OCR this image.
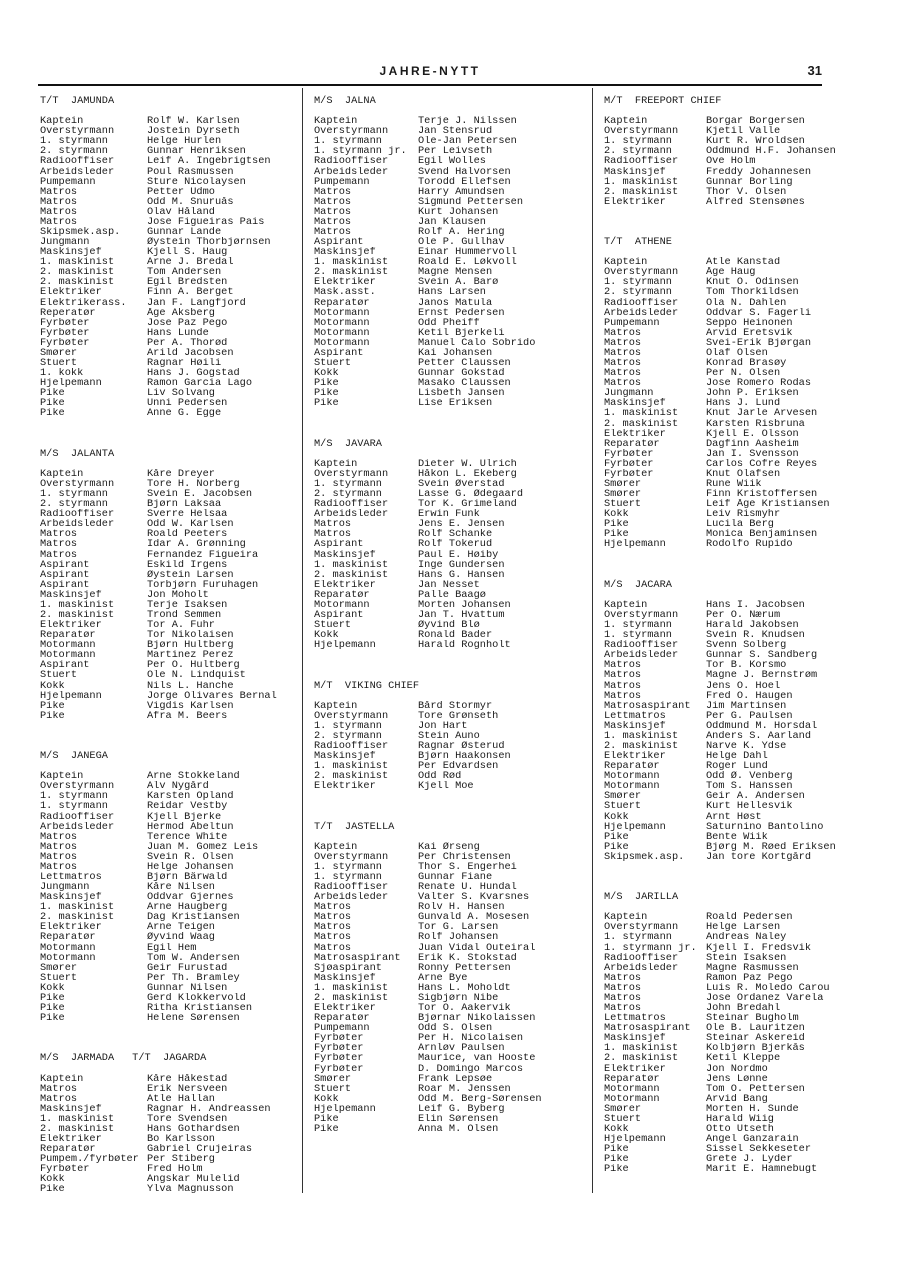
JAHRE-NYTT	31
T/T  JAMUNDA
Kaptein	Rolf W. Karlsen
Overstyrmann	Jostein Dyrseth
1. styrmann	Helge Hurlen
2. styrmann	Gunnar Henriksen
Radiooffiser	Leif A. Ingebrigtsen
Arbeidsleder	Poul Rasmussen
Pumpemann	Sture Nicolaysen
Matros	Petter Udmo
Matros	Odd M. Snuruås
Matros	Olav Håland
Matros	Jose Figueiras Pais
Skipsmek.asp.	Gunnar Lande
Jungmann	Øystein Thorbjørnsen
Maskinsjef	Kjell S. Haug
1. maskinist	Arne J. Bredal
2. maskinist	Tom Andersen
2. maskinist	Egil Bredsten
Elektriker	Finn A. Berget
Elektrikerass.	Jan F. Langfjord
Reperatør	Åge Aksberg
Fyrbøter	Jose Paz Pego
Fyrbøter	Hans Lunde
Fyrbøter	Per A. Thorød
Smører	Arild Jacobsen
Stuert	Ragnar Høili
1. kokk	Hans J. Gogstad
Hjelpemann	Ramon Garcia Lago
Pike	Liv Solvang
Pike	Unni Pedersen
Pike	Anne G. Egge
M/S  JALANTA
Kaptein	Kåre Dreyer
Overstyrmann	Tore H. Norberg
1. styrmann	Svein E. Jacobsen
2. styrmann	Bjørn Laksaa
Radiooffiser	Sverre Helsaa
Arbeidsleder	Odd W. Karlsen
Matros	Roald Peeters
Matros	Idar A. Grønning
Matros	Fernandez Figueira
Aspirant	Eskild Irgens
Aspirant	Øystein Larsen
Aspirant	Torbjørn Furuhagen
Maskinsjef	Jon Moholt
1. maskinist	Terje Isaksen
2. maskinist	Trond Semmen
Elektriker	Tor A. Fuhr
Reparatør	Tor Nikolaisen
Motormann	Bjørn Hultberg
Motormann	Martinez Perez
Aspirant	Per O. Hultberg
Stuert	Ole N. Lindquist
Kokk	Nils L. Hanche
Hjelpemann	Jorge Olivares Bernal
Pike	Vigdis Karlsen
Pike	Afra M. Beers
M/S  JANEGA
Kaptein	Arne Stokkeland
Overstyrmann	Alv Nygård
1. styrmann	Karsten Opland
1. styrmann	Reidar Vestby
Radiooffiser	Kjell Bjerke
Arbeidsleder	Hermod Abeltun
Matros	Terence White
Matros	Juan M. Gomez Leis
Matros	Svein R. Olsen
Matros	Helge Johansen
Lettmatros	Bjørn Bärwald
Jungmann	Kåre Nilsen
Maskinsjef	Oddvar Gjernes
1. maskinist	Arne Haugberg
2. maskinist	Dag Kristiansen
Elektriker	Arne Teigen
Reparatør	Øyvind Waag
Motormann	Egil Hem
Motormann	Tom W. Andersen
Smører	Geir Furustad
Stuert	Per Th. Bramley
Kokk	Gunnar Nilsen
Pike	Gerd Klokkervold
Pike	Ritha Kristiansen
Pike	Helene Sørensen
M/S  JARMADA T/T  JAGARDA
Kaptein	Kåre Håkestad
Matros	Erik Nersveen
Matros	Atle Hallan
Maskinsjef	Ragnar H. Andreassen
1. maskinist	Tore Svendsen
2. maskinist	Hans Gothardsen
Elektriker	Bo Karlsson
Reparatør	Gabriel Crujeiras
Pumpem./fyrbøter Per Stiberg
Fyrbøter	Fred Holm
Kokk	Angskar Mulelid
Pike	Ylva Magnusson
M/S  JALNA
Kaptein	Terje J. Nilssen
Overstyrmann	Jan Stensrud
1. styrmann	Ole-Jan Petersen
1. styrmann jr.	Per Leivseth
Radiooffiser	Egil Wolles
Arbeidsleder	Svend Halvorsen
Pumpemann	Torodd Ellefsen
Matros	Harry Amundsen
Matros	Sigmund Pettersen
Matros	Kurt Johansen
Matros	Jan Klausen
Matros	Rolf A. Hering
Aspirant	Ole P. Gullhav
Maskinsjef	Einar Hummervoll
1. maskinist	Roald E. Løkvoll
2. maskinist	Magne Mensen
Elektriker	Svein A. Barø
Mask.asst.	Hans Larsen
Reparatør	Janos Matula
Motormann	Ernst Pedersen
Motormann	Odd Pheiff
Motormann	Ketil Bjerkeli
Motormann	Manuel Calo Sobrido
Aspirant	Kai Johansen
Stuert	Petter Claussen
Kokk	Gunnar Gokstad
Pike	Masako Claussen
Pike	Lisbeth Jansen
Pike	Lise Eriksen
M/S  JAVARA
Kaptein	Dieter W. Ulrich
Overstyrmann	Håkon L. Ekeberg
1. styrmann	Svein Øverstad
2. styrmann	Lasse G. Ødegaard
Radiooffiser	Tor K. Grimeland
Arbeidsleder	Erwin Funk
Matros	Jens E. Jensen
Matros	Rolf Schanke
Aspirant	Rolf Tokerud
Maskinsjef	Paul E. Høiby
1. maskinist	Inge Gundersen
2. maskinist	Hans G. Hansen
Elektriker	Jan Nesset
Reparatør	Palle Baagø
Motormann	Morten Johansen
Aspirant	Jan T. Hvattum
Stuert	Øyvind Blø
Kokk	Ronald Bader
Hjelpemann	Harald Rognholt
M/T  VIKING CHIEF
Kaptein	Bård Stormyr
Overstyrmann	Tore Grønseth
1. styrmann	Jon Hart
2. styrmann	Stein Auno
Radiooffiser	Ragnar Østerud
Maskinsjef	Bjørn Haakonsen
1. maskinist	Per Edvardsen
2. maskinist	Odd Rød
Elektriker	Kjell Moe
T/T  JASTELLA
Kaptein	Kai Ørseng
Overstyrmann	Per Christensen
1. styrmann	Thor S. Engerhei
1. styrmann	Gunnar Fiane
Radiooffiser	Renate U. Hundal
Arbeidsleder	Valter S. Kvarsnes
Matros	Rolv H. Hansen
Matros	Gunvald A. Mosesen
Matros	Tor G. Larsen
Matros	Rolf Johansen
Matros	Juan Vidal Outeiral
Matrosaspirant	Erik K. Stokstad
Sjøaspirant	Ronny Pettersen
Maskinsjef	Arne Bye
1. maskinist	Hans L. Moholdt
2. maskinist	Sigbjørn Nibe
Elektriker	Tor O. Aakervik
Reparatør	Bjørnar Nikolaissen
Pumpemann	Odd S. Olsen
Fyrbøter	Per H. Nicolaisen
Fyrbøter	Arnløv Paulsen
Fyrbøter	Maurice, van Hooste
Fyrbøter	D. Domingo Marcos
Smører	Frank Lepsøe
Stuert	Roar M. Jenssen
Kokk	Odd M. Berg-Sørensen
Hjelpemann	Leif G. Byberg
Pike	Elin Sørensen
Pike	Anna M. Olsen
M/T  FREEPORT CHIEF
Kaptein	Borgar Borgersen
Overstyrmann	Kjetil Valle
1. styrmann	Kurt R. Wroldsen
2. styrmann	Oddmund H.F. Johansen
Radiooffiser	Ove Holm
Maskinsjef	Freddy Johannesen
1. maskinist	Gunnar Borling
2. maskinist	Thor V. Olsen
Elektriker	Alfred Stensønes
T/T  ATHENE
Kaptein	Atle Kanstad
Overstyrmann	Åge Haug
1. styrmann	Knut O. Odinsen
2. styrmann	Tom Thorkildsen
Radiooffiser	Ola N. Dahlen
Arbeidsleder	Oddvar S. Fagerli
Pumpemann	Seppo Heinonen
Matros	Arvid Eretsvik
Matros	Svei-Erik Bjørgan
Matros	Olaf Olsen
Matros	Konrad Brasøy
Matros	Per N. Olsen
Matros	Jose Romero Rodas
Jungmann	John P. Eriksen
Maskinsjef	Hans J. Lund
1. maskinist	Knut Jarle Arvesen
2. maskinist	Karsten Risbruna
Elektriker	Kjell E. Olsson
Reparatør	Dagfinn Aasheim
Fyrbøter	Jan I. Svensson
Fyrbøter	Carlos Cofre Reyes
Fyrbøter	Knut Olafsen
Smører	Rune Wiik
Smører	Finn Kristoffersen
Stuert	Leif Åge Kristiansen
Kokk	Leiv Rismyhr
Pike	Lucila Berg
Pike	Monica Benjaminsen
Hjelpemann	Rodolfo Rupido
M/S  JACARA
Kaptein	Hans I. Jacobsen
Overstyrmann	Per O. Nærum
1. styrmann	Harald Jakobsen
1. styrmann	Svein R. Knudsen
Radiooffiser	Svenn Solberg
Arbeidsleder	Gunnar S. Sandberg
Matros	Tor B. Korsmo
Matros	Magne J. Bernstrøm
Matros	Jens O. Hoel
Matros	Fred O. Haugen
Matrosaspirant	Jim Martinsen
Lettmatros	Per G. Paulsen
Maskinsjef	Oddmund M. Horsdal
1. maskinist	Anders S. Aarland
2. maskinist	Narve K. Ydse
Elektriker	Helge Dahl
Reparatør	Roger Lund
Motormann	Odd Ø. Venberg
Motormann	Tom S. Hanssen
Smører	Geir A. Andersen
Stuert	Kurt Hellesvik
Kokk	Arnt Høst
Hjelpemann	Saturnino Bantolino
Pike	Bente Wiik
Pike	Bjørg M. Røed Eriksen
Skipsmek.asp.	Jan tore Kortgård
M/S  JARILLA
Kaptein	Roald Pedersen
Overstyrmann	Helge Larsen
1. styrmann	Andreas Naley
1. styrmann jr. Kjell I. Fredsvik
Radiooffiser	Stein Isaksen
Arbeidsleder	Magne Rasmussen
Matros	Ramon Paz Pego
Matros	Luis R. Moledo Carou
Matros	Jose Ordanez Varela
Matros	John Bredahl
Lettmatros	Steinar Bugholm
Matrosaspirant	Ole B. Lauritzen
Maskinsjef	Steinar Askereid
1. maskinist	Kolbjørn Bjerkås
2. maskinist	Ketil Kleppe
Elektriker	Jon Nordmo
Reparatør	Jens Lønne
Motormann	Tom O. Pettersen
Motormann	Arvid Bang
Smører	Morten H. Sunde
Stuert	Harald Wiig
Kokk	Otto Utseth
Hjelpemann	Angel Ganzarain
Pike	Sissel Sekkeseter
Pike	Grete J. Lyder
Pike	Marit E. Hamnebugt
